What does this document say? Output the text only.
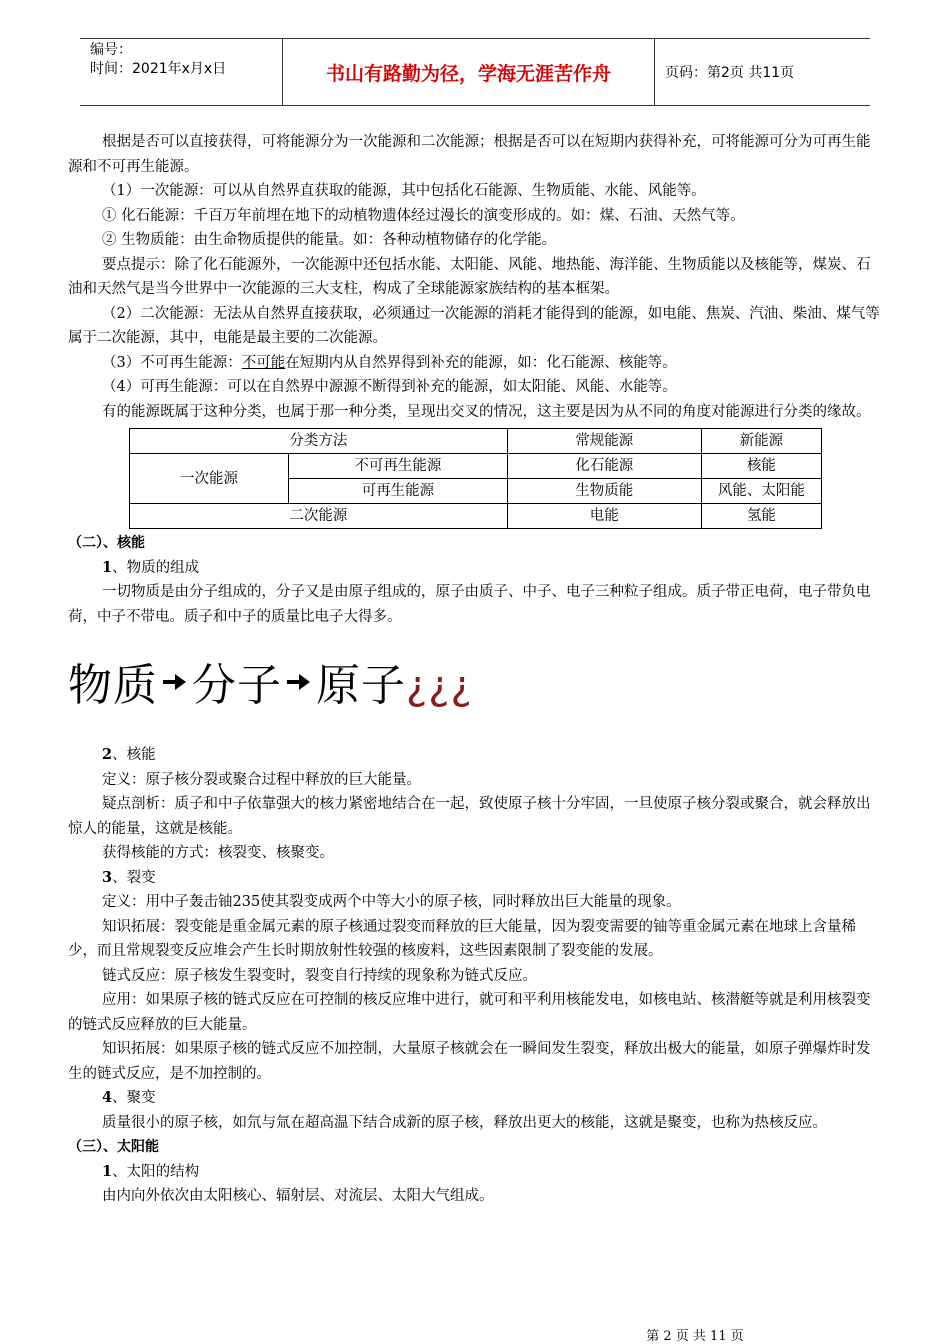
编号：
时间：2021年x月x日	书山有路勤为径，学海无涯苦作舟	页码：第2页 共11页

根据是否可以直接获得，可将能源分为一次能源和二次能源；根据是否可以在短期内获得补充，可将能源可分为可再生能源和不可再生能源。

（1）一次能源：可以从自然界直获取的能源，其中包括化石能源、生物质能、水能、风能等。

① 化石能源：千百万年前埋在地下的动植物遗体经过漫长的演变形成的。如：煤、石油、天然气等。

② 生物质能：由生命物质提供的能量。如：各种动植物储存的化学能。

要点提示：除了化石能源外，一次能源中还包括水能、太阳能、风能、地热能、海洋能、生物质能以及核能等，煤炭、石油和天然气是当今世界中一次能源的三大支柱，构成了全球能源家族结构的基本框架。

（2）二次能源：无法从自然界直接获取，必须通过一次能源的消耗才能得到的能源，如电能、焦炭、汽油、柴油、煤气等属于二次能源，其中，电能是最主要的二次能源。

（3）不可再生能源：不可能在短期内从自然界得到补充的能源，如：化石能源、核能等。

（4）可再生能源：可以在自然界中源源不断得到补充的能源，如太阳能、风能、水能等。

有的能源既属于这种分类，也属于那一种分类，呈现出交叉的情况，这主要是因为从不同的角度对能源进行分类的缘故。

分类方法		常规能源	新能源
一次能源	不可再生能源	化石能源	核能
	可再生能源	生物质能	风能、太阳能
二次能源		电能	氢能

（二）、核能

1、物质的组成

一切物质是由分子组成的，分子又是由原子组成的，原子由质子、中子、电子三种粒子组成。质子带正电荷，电子带负电荷，中子不带电。质子和中子的质量比电子大得多。

物质 分子 原子 ¿¿¿

2、核能

定义：原子核分裂或聚合过程中释放的巨大能量。

疑点剖析：质子和中子依靠强大的核力紧密地结合在一起，致使原子核十分牢固，一旦使原子核分裂或聚合，就会释放出惊人的能量，这就是核能。

获得核能的方式：核裂变、核聚变。

3、裂变

定义：用中子轰击铀235使其裂变成两个中等大小的原子核，同时释放出巨大能量的现象。

知识拓展：裂变能是重金属元素的原子核通过裂变而释放的巨大能量，因为裂变需要的铀等重金属元素在地球上含量稀少，而且常规裂变反应堆会产生长时期放射性较强的核废料，这些因素限制了裂变能的发展。

链式反应：原子核发生裂变时，裂变自行持续的现象称为链式反应。

应用：如果原子核的链式反应在可控制的核反应堆中进行，就可和平利用核能发电，如核电站、核潜艇等就是利用核裂变的链式反应释放的巨大能量。

知识拓展：如果原子核的链式反应不加控制，大量原子核就会在一瞬间发生裂变，释放出极大的能量，如原子弹爆炸时发生的链式反应，是不加控制的。

4、聚变

质量很小的原子核，如氘与氚在超高温下结合成新的原子核，释放出更大的核能，这就是聚变，也称为热核反应。

（三）、太阳能

1、太阳的结构

由内向外依次由太阳核心、辐射层、对流层、太阳大气组成。

第 2 页 共 11 页
